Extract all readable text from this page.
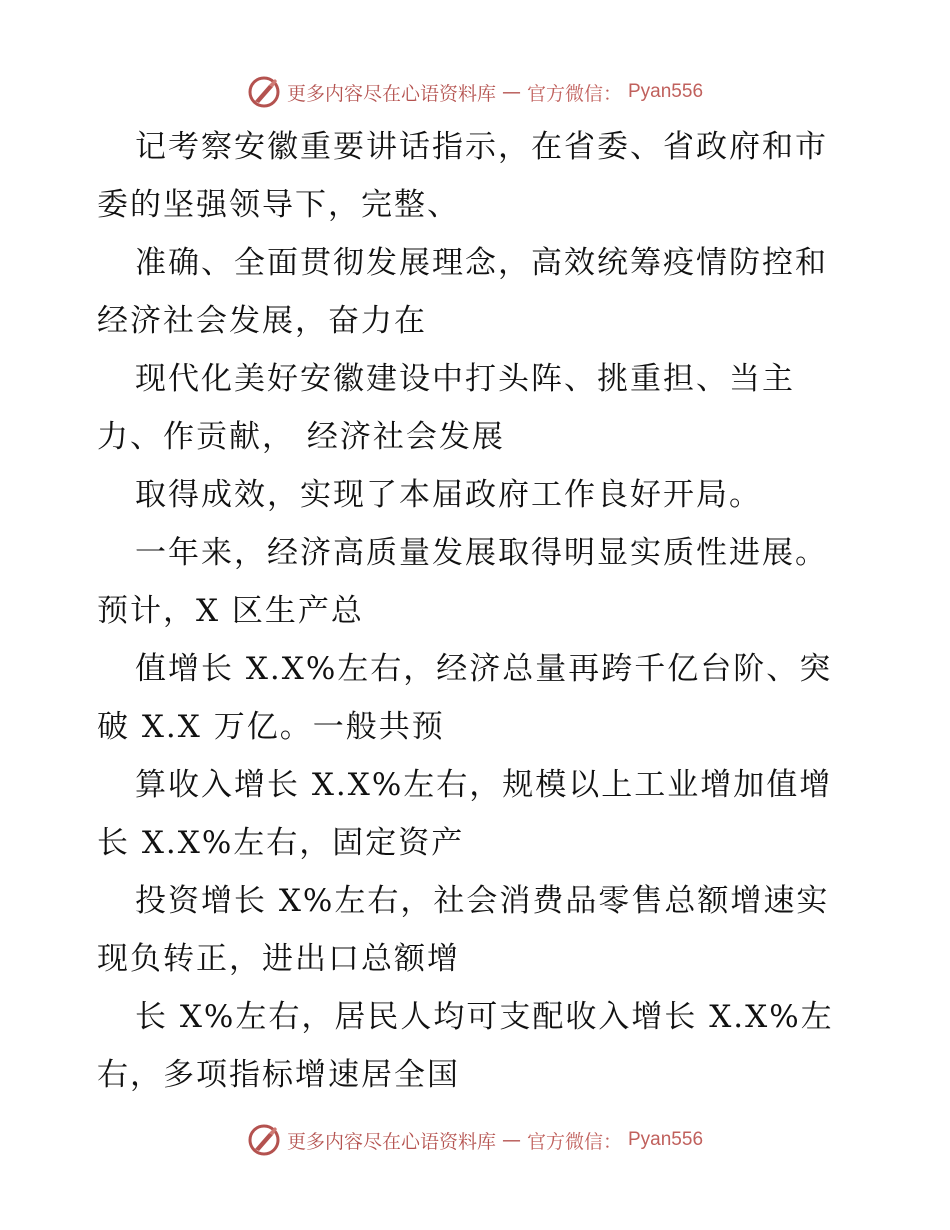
更多内容尽在心语资料库 — 官方微信： Pyan556
记考察安徽重要讲话指示，在省委、省政府和市
委的坚强领导下，完整、
准确、全面贯彻发展理念，高效统筹疫情防控和
经济社会发展，奋力在
现代化美好安徽建设中打头阵、挑重担、当主
力、作贡献， 经济社会发展
取得成效，实现了本届政府工作良好开局。
一年来，经济高质量发展取得明显实质性进展。
预计，X 区生产总
值增长 X.X%左右，经济总量再跨千亿台阶、突
破 X.X 万亿。一般共预
算收入增长 X.X%左右，规模以上工业增加值增
长 X.X%左右，固定资产
投资增长 X%左右，社会消费品零售总额增速实
现负转正，进出口总额增
长 X%左右，居民人均可支配收入增长 X.X%左
右，多项指标增速居全国
更多内容尽在心语资料库 — 官方微信： Pyan556
